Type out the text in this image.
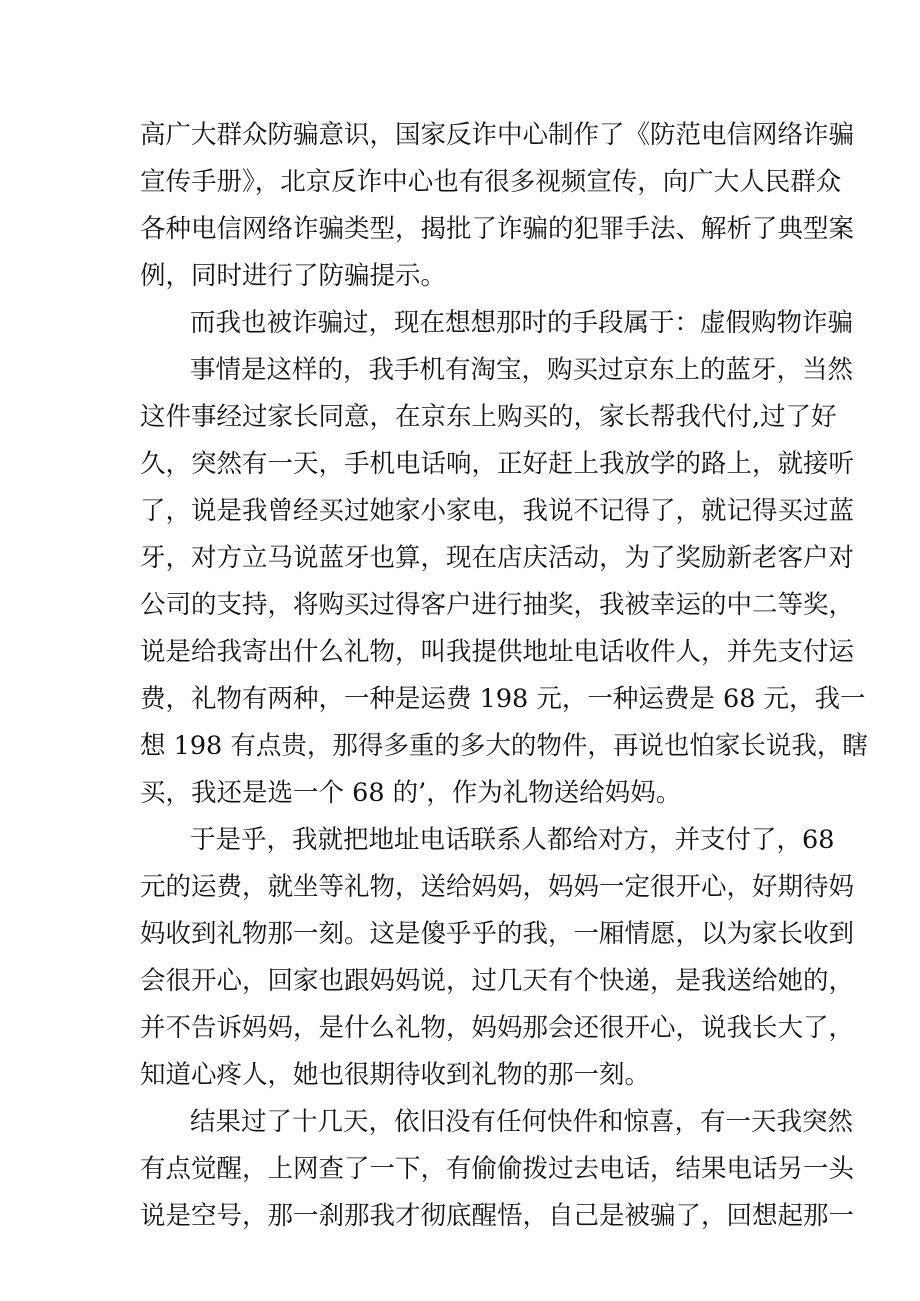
高广大群众防骗意识，国家反诈中心制作了《防范电信网络诈骗
宣传手册》，北京反诈中心也有很多视频宣传，向广大人民群众
各种电信网络诈骗类型，揭批了诈骗的犯罪手法、解析了典型案
例，同时进行了防骗提示。
而我也被诈骗过，现在想想那时的手段属于：虚假购物诈骗
事情是这样的，我手机有淘宝，购买过京东上的蓝牙，当然
这件事经过家长同意，在京东上购买的，家长帮我代付,过了好
久，突然有一天，手机电话响，正好赶上我放学的路上，就接听
了，说是我曾经买过她家小家电，我说不记得了，就记得买过蓝
牙，对方立马说蓝牙也算，现在店庆活动，为了奖励新老客户对
公司的支持，将购买过得客户进行抽奖，我被幸运的中二等奖，
说是给我寄出什么礼物，叫我提供地址电话收件人，并先支付运
费，礼物有两种，一种是运费 198 元，一种运费是 68 元，我一
想 198 有点贵，那得多重的多大的物件，再说也怕家长说我，瞎
买，我还是选一个 68 的’，作为礼物送给妈妈。
于是乎，我就把地址电话联系人都给对方，并支付了，68
元的运费，就坐等礼物，送给妈妈，妈妈一定很开心，好期待妈
妈收到礼物那一刻。这是傻乎乎的我，一厢情愿，以为家长收到
会很开心，回家也跟妈妈说，过几天有个快递，是我送给她的，
并不告诉妈妈，是什么礼物，妈妈那会还很开心，说我长大了，
知道心疼人，她也很期待收到礼物的那一刻。
结果过了十几天，依旧没有任何快件和惊喜，有一天我突然
有点觉醒，上网查了一下，有偷偷拨过去电话，结果电话另一头
说是空号，那一刹那我才彻底醒悟，自己是被骗了，回想起那一
